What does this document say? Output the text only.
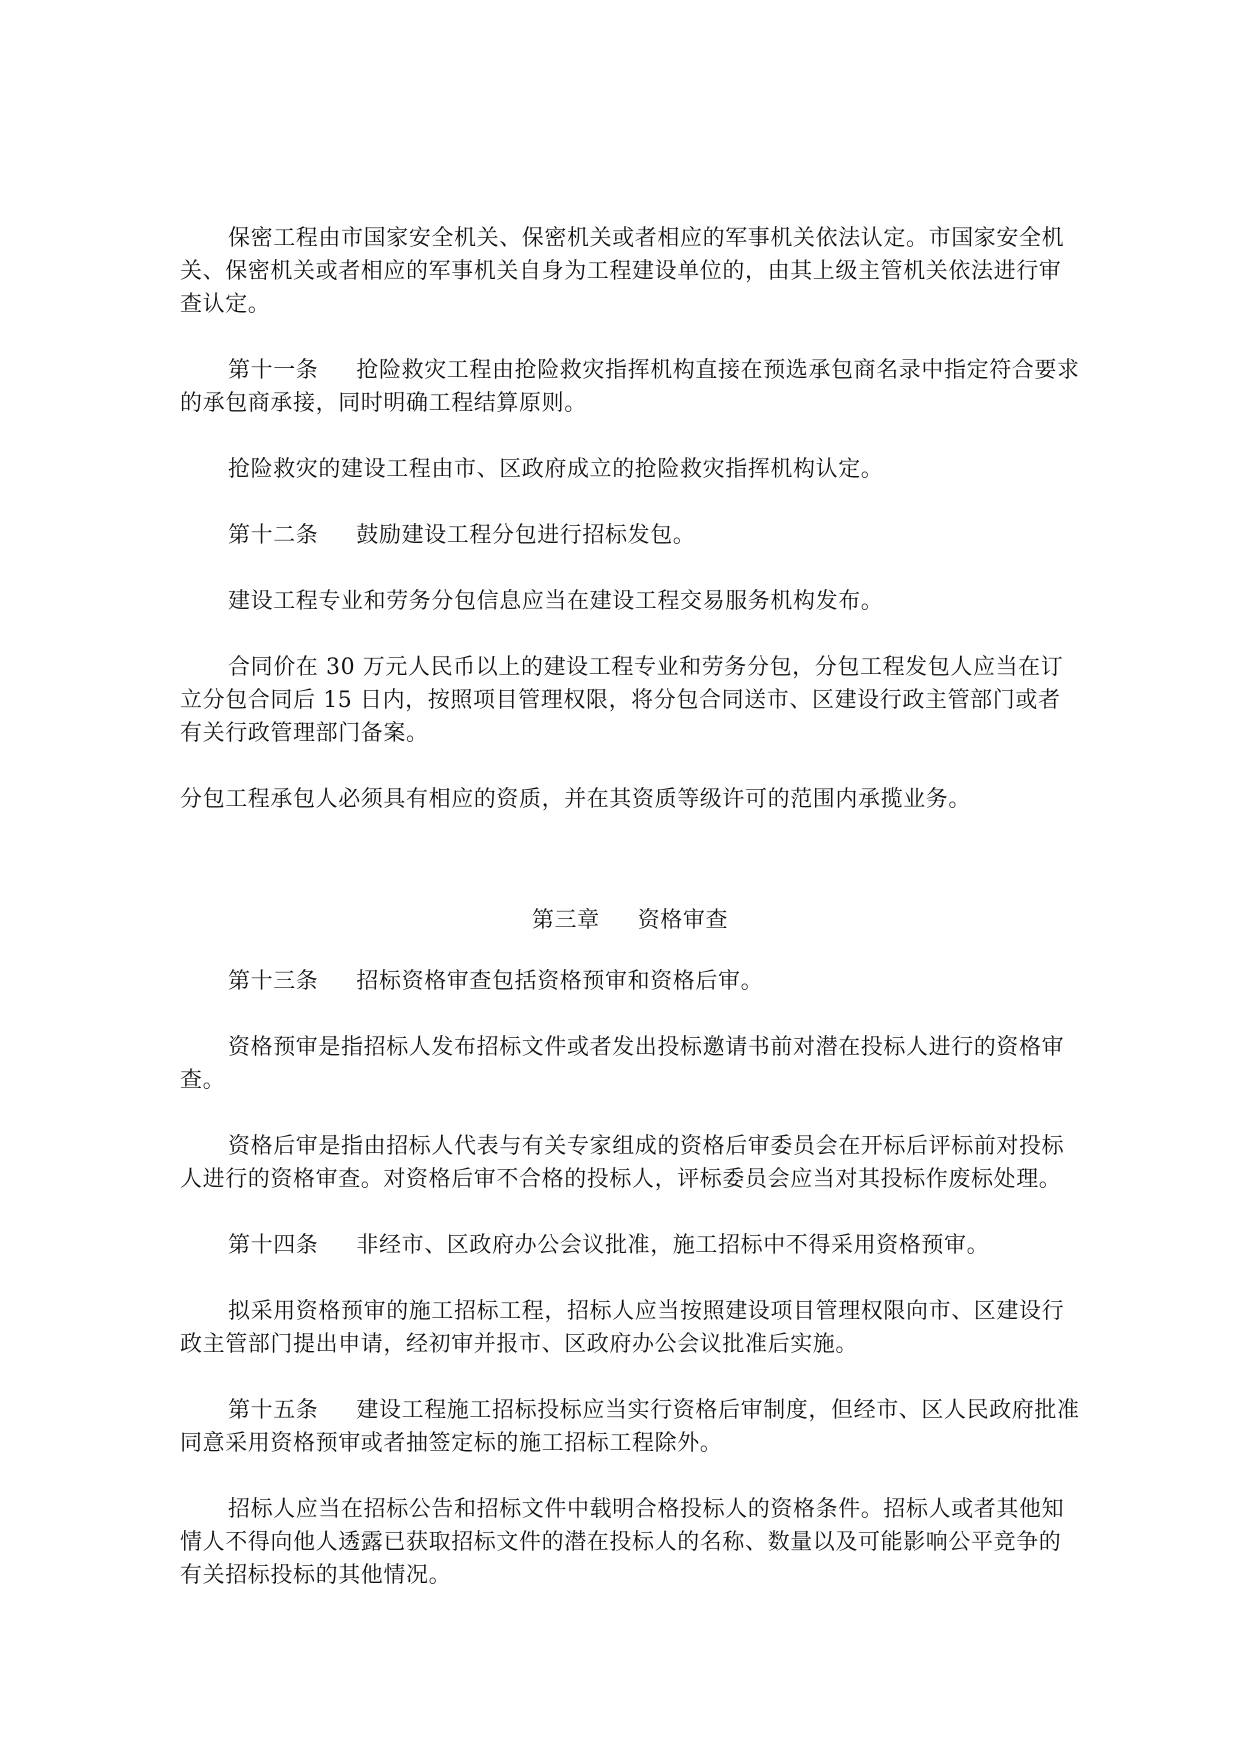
保密工程由市国家安全机关、保密机关或者相应的军事机关依法认定。市国家安全机关、保密机关或者相应的军事机关自身为工程建设单位的，由其上级主管机关依法进行审查认定。

第十一条 抢险救灾工程由抢险救灾指挥机构直接在预选承包商名录中指定符合要求的承包商承接，同时明确工程结算原则。

抢险救灾的建设工程由市、区政府成立的抢险救灾指挥机构认定。

第十二条 鼓励建设工程分包进行招标发包。

建设工程专业和劳务分包信息应当在建设工程交易服务机构发布。

合同价在 30 万元人民币以上的建设工程专业和劳务分包，分包工程发包人应当在订立分包合同后 15 日内，按照项目管理权限，将分包合同送市、区建设行政主管部门或者有关行政管理部门备案。

分包工程承包人必须具有相应的资质，并在其资质等级许可的范围内承揽业务。

第三章 资格审查

第十三条 招标资格审查包括资格预审和资格后审。

资格预审是指招标人发布招标文件或者发出投标邀请书前对潜在投标人进行的资格审查。

资格后审是指由招标人代表与有关专家组成的资格后审委员会在开标后评标前对投标人进行的资格审查。对资格后审不合格的投标人，评标委员会应当对其投标作废标处理。

第十四条 非经市、区政府办公会议批准，施工招标中不得采用资格预审。

拟采用资格预审的施工招标工程，招标人应当按照建设项目管理权限向市、区建设行政主管部门提出申请，经初审并报市、区政府办公会议批准后实施。

第十五条 建设工程施工招标投标应当实行资格后审制度，但经市、区人民政府批准同意采用资格预审或者抽签定标的施工招标工程除外。

招标人应当在招标公告和招标文件中载明合格投标人的资格条件。招标人或者其他知情人不得向他人透露已获取招标文件的潜在投标人的名称、数量以及可能影响公平竞争的有关招标投标的其他情况。
